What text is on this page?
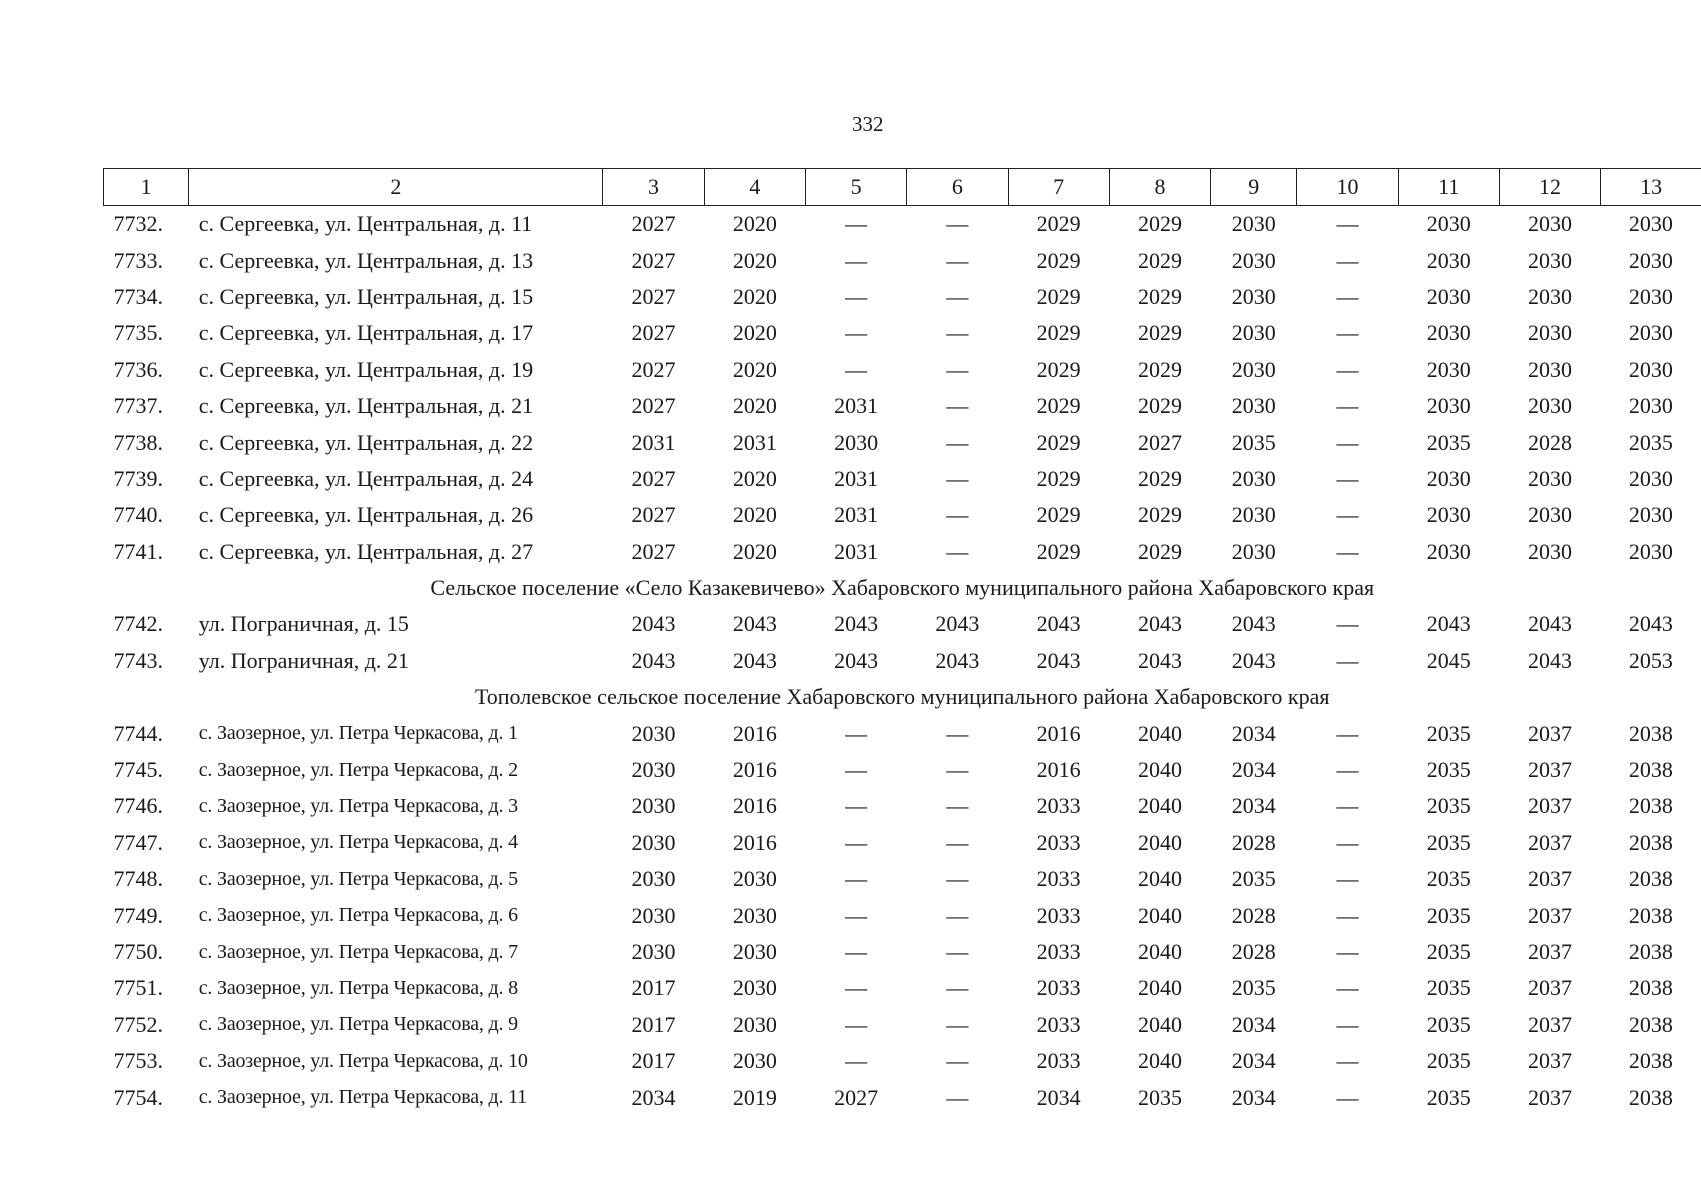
332
1	2	3	4	5	6	7	8	9	10	11	12	13
7732.	с. Сергеевка, ул. Центральная, д. 11	2027	2020	—	—	2029	2029	2030	—	2030	2030	2030
7733.	с. Сергеевка, ул. Центральная, д. 13	2027	2020	—	—	2029	2029	2030	—	2030	2030	2030
7734.	с. Сергеевка, ул. Центральная, д. 15	2027	2020	—	—	2029	2029	2030	—	2030	2030	2030
7735.	с. Сергеевка, ул. Центральная, д. 17	2027	2020	—	—	2029	2029	2030	—	2030	2030	2030
7736.	с. Сергеевка, ул. Центральная, д. 19	2027	2020	—	—	2029	2029	2030	—	2030	2030	2030
7737.	с. Сергеевка, ул. Центральная, д. 21	2027	2020	2031	—	2029	2029	2030	—	2030	2030	2030
7738.	с. Сергеевка, ул. Центральная, д. 22	2031	2031	2030	—	2029	2027	2035	—	2035	2028	2035
7739.	с. Сергеевка, ул. Центральная, д. 24	2027	2020	2031	—	2029	2029	2030	—	2030	2030	2030
7740.	с. Сергеевка, ул. Центральная, д. 26	2027	2020	2031	—	2029	2029	2030	—	2030	2030	2030
7741.	с. Сергеевка, ул. Центральная, д. 27	2027	2020	2031	—	2029	2029	2030	—	2030	2030	2030
Сельское поселение «Село Казакевичево» Хабаровского муниципального района Хабаровского края												
7742.	ул. Пограничная, д. 15	2043	2043	2043	2043	2043	2043	2043	—	2043	2043	2043
7743.	ул. Пограничная, д. 21	2043	2043	2043	2043	2043	2043	2043	—	2045	2043	2053
Тополевское сельское поселение Хабаровского муниципального района Хабаровского края												
7744.	с. Заозерное, ул. Петра Черкасова, д. 1	2030	2016	—	—	2016	2040	2034	—	2035	2037	2038
7745.	с. Заозерное, ул. Петра Черкасова, д. 2	2030	2016	—	—	2016	2040	2034	—	2035	2037	2038
7746.	с. Заозерное, ул. Петра Черкасова, д. 3	2030	2016	—	—	2033	2040	2034	—	2035	2037	2038
7747.	с. Заозерное, ул. Петра Черкасова, д. 4	2030	2016	—	—	2033	2040	2028	—	2035	2037	2038
7748.	с. Заозерное, ул. Петра Черкасова, д. 5	2030	2030	—	—	2033	2040	2035	—	2035	2037	2038
7749.	с. Заозерное, ул. Петра Черкасова, д. 6	2030	2030	—	—	2033	2040	2028	—	2035	2037	2038
7750.	с. Заозерное, ул. Петра Черкасова, д. 7	2030	2030	—	—	2033	2040	2028	—	2035	2037	2038
7751.	с. Заозерное, ул. Петра Черкасова, д. 8	2017	2030	—	—	2033	2040	2035	—	2035	2037	2038
7752.	с. Заозерное, ул. Петра Черкасова, д. 9	2017	2030	—	—	2033	2040	2034	—	2035	2037	2038
7753.	с. Заозерное, ул. Петра Черкасова, д. 10	2017	2030	—	—	2033	2040	2034	—	2035	2037	2038
7754.	с. Заозерное, ул. Петра Черкасова, д. 11	2034	2019	2027	—	2034	2035	2034	—	2035	2037	2038
